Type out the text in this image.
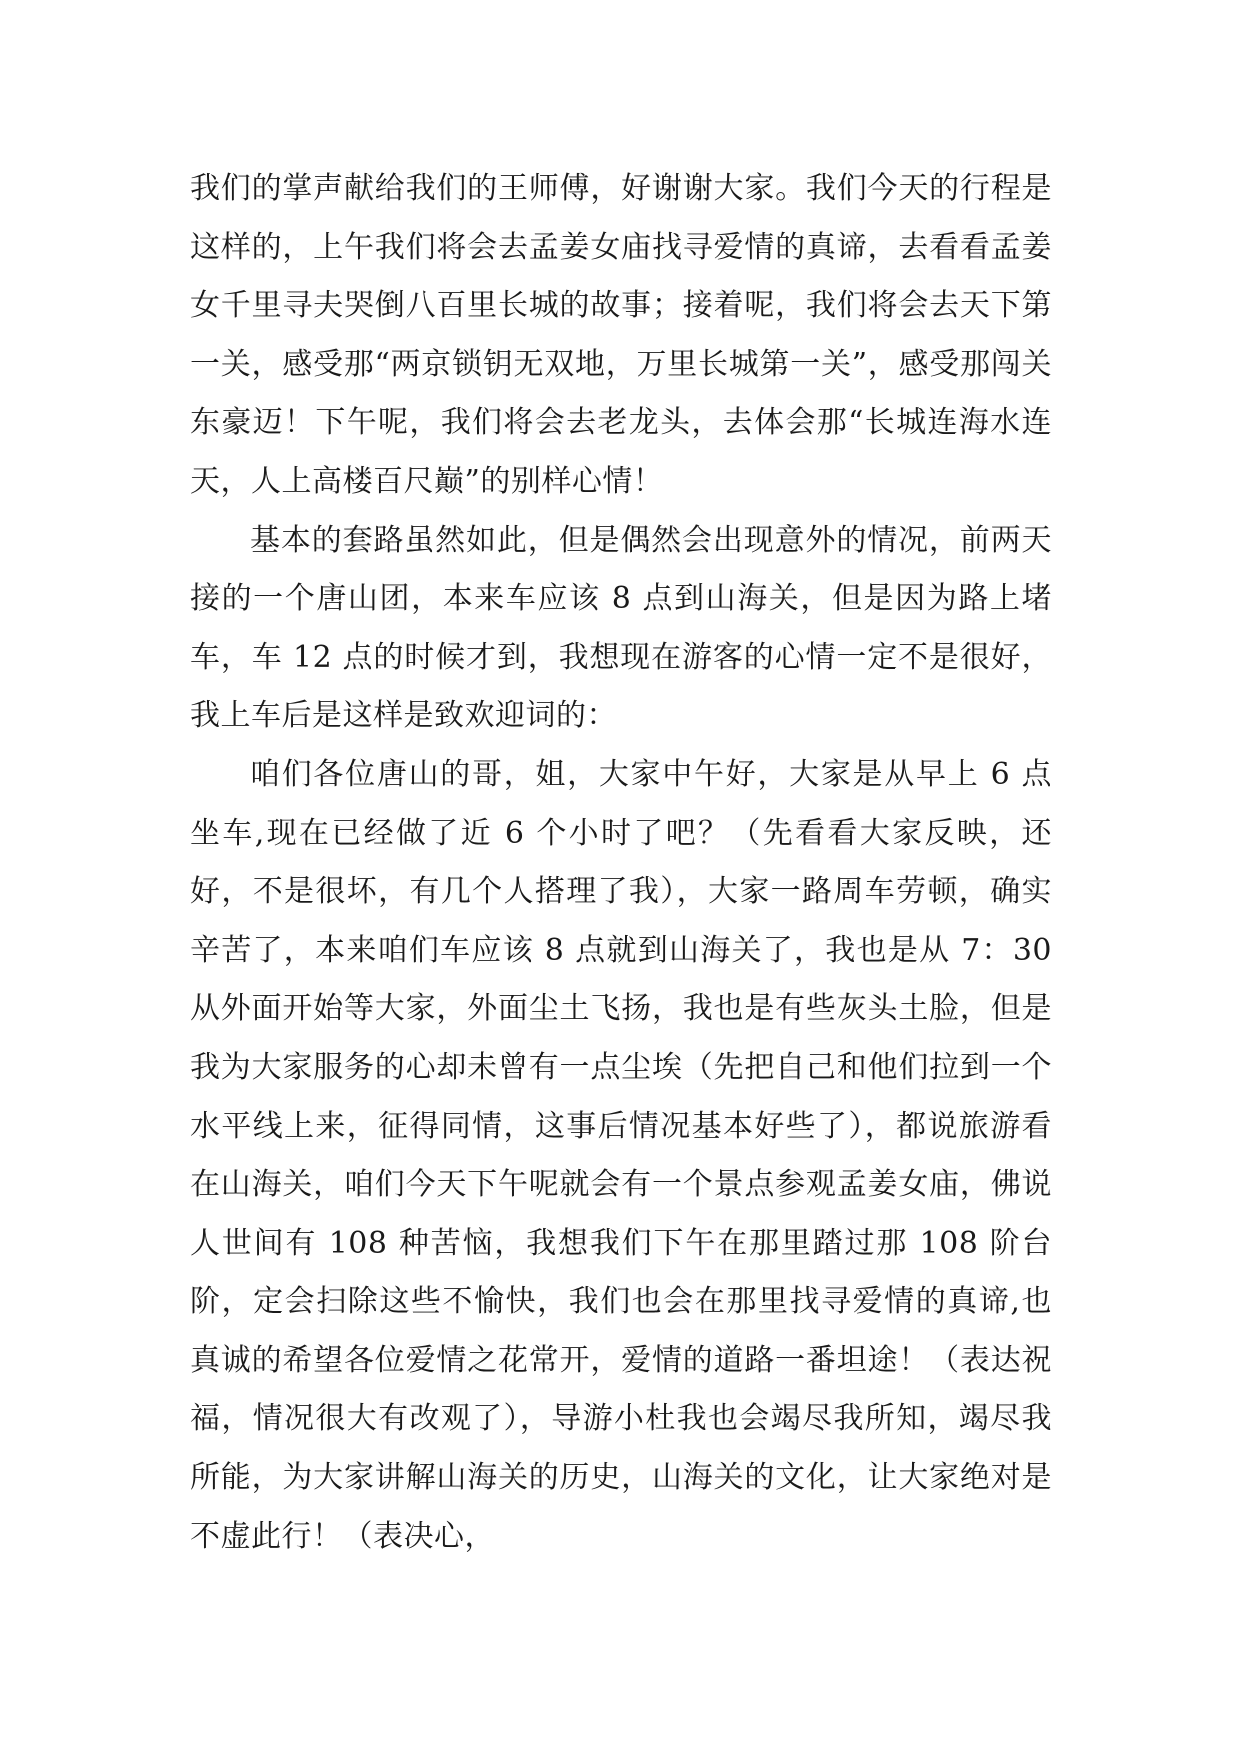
我们的掌声献给我们的王师傅，好谢谢大家。我们今天的行程是这样的，上午我们将会去孟姜女庙找寻爱情的真谛，去看看孟姜女千里寻夫哭倒八百里长城的故事；接着呢，我们将会去天下第一关，感受那“两京锁钥无双地，万里长城第一关”，感受那闯关东豪迈！下午呢，我们将会去老龙头，去体会那“长城连海水连天，人上高楼百尺巅”的别样心情！

基本的套路虽然如此，但是偶然会出现意外的情况，前两天接的一个唐山团，本来车应该 8 点到山海关，但是因为路上堵车，车 12 点的时候才到，我想现在游客的心情一定不是很好，我上车后是这样是致欢迎词的：

咱们各位唐山的哥，姐，大家中午好，大家是从早上 6 点坐车,现在已经做了近 6 个小时了吧？（先看看大家反映，还好，不是很坏，有几个人搭理了我），大家一路周车劳顿，确实辛苦了，本来咱们车应该 8 点就到山海关了，我也是从 7：30 从外面开始等大家，外面尘土飞扬，我也是有些灰头土脸，但是我为大家服务的心却未曾有一点尘埃（先把自己和他们拉到一个水平线上来，征得同情，这事后情况基本好些了），都说旅游看在山海关，咱们今天下午呢就会有一个景点参观孟姜女庙，佛说人世间有 108 种苦恼，我想我们下午在那里踏过那 108 阶台阶，定会扫除这些不愉快，我们也会在那里找寻爱情的真谛,也真诚的希望各位爱情之花常开，爱情的道路一番坦途！（表达祝福，情况很大有改观了），导游小杜我也会竭尽我所知，竭尽我所能，为大家讲解山海关的历史，山海关的文化，让大家绝对是不虚此行！（表决心，
